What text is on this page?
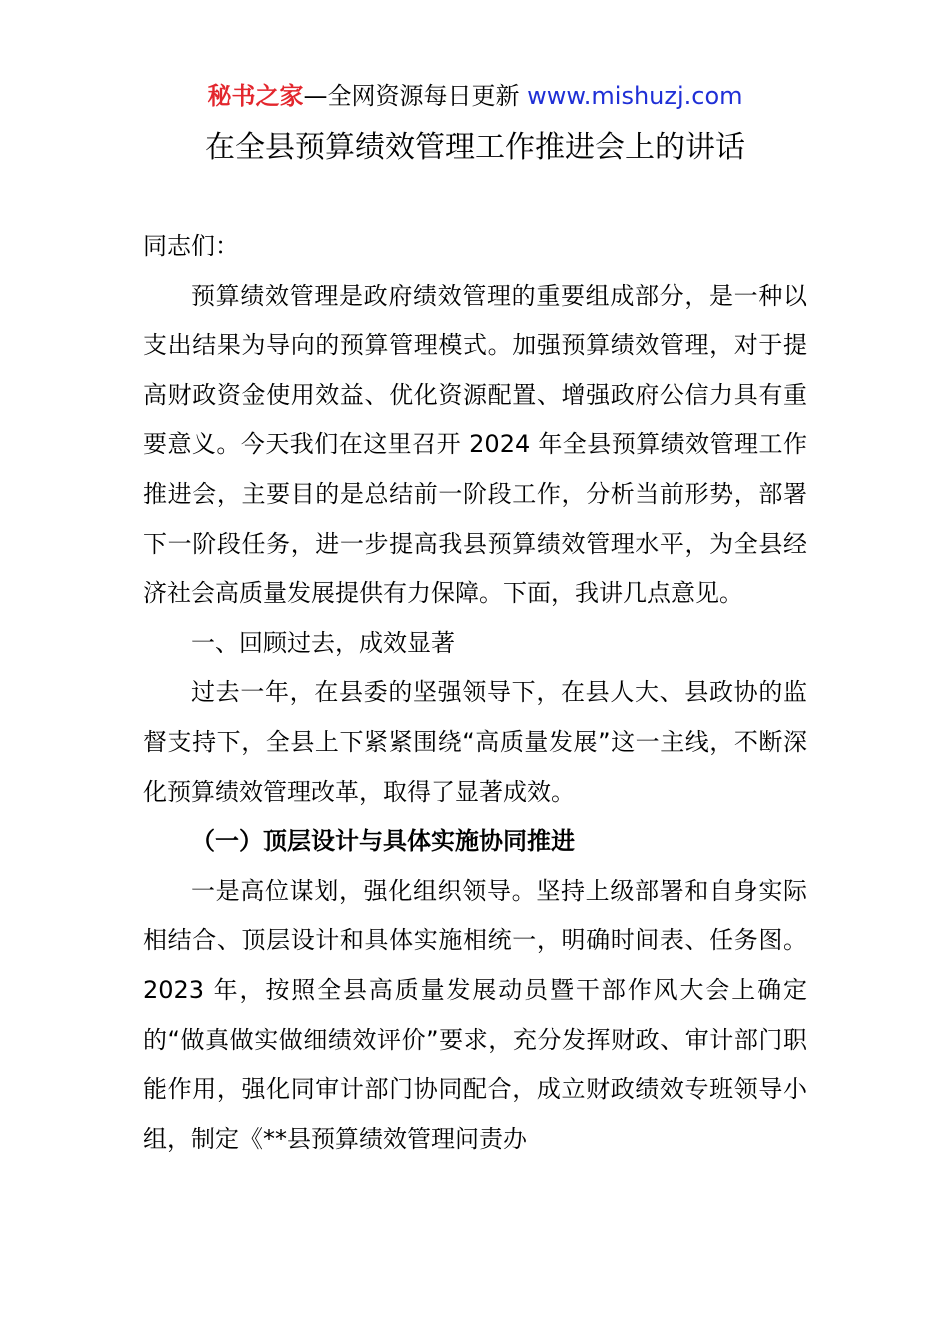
秘书之家—全网资源每日更新 www.mishuzj.com
在全县预算绩效管理工作推进会上的讲话

同志们：

预算绩效管理是政府绩效管理的重要组成部分，是一种以支出结果为导向的预算管理模式。加强预算绩效管理，对于提高财政资金使用效益、优化资源配置、增强政府公信力具有重要意义。今天我们在这里召开 2024 年全县预算绩效管理工作推进会，主要目的是总结前一阶段工作，分析当前形势，部署下一阶段任务，进一步提高我县预算绩效管理水平，为全县经济社会高质量发展提供有力保障。下面，我讲几点意见。

一、回顾过去，成效显著

过去一年，在县委的坚强领导下，在县人大、县政协的监督支持下，全县上下紧紧围绕“高质量发展”这一主线，不断深化预算绩效管理改革，取得了显著成效。

（一）顶层设计与具体实施协同推进

一是高位谋划，强化组织领导。坚持上级部署和自身实际相结合、顶层设计和具体实施相统一，明确时间表、任务图。2023 年，按照全县高质量发展动员暨干部作风大会上确定的“做真做实做细绩效评价”要求，充分发挥财政、审计部门职能作用，强化同审计部门协同配合，成立财政绩效专班领导小组，制定《**县预算绩效管理问责办
